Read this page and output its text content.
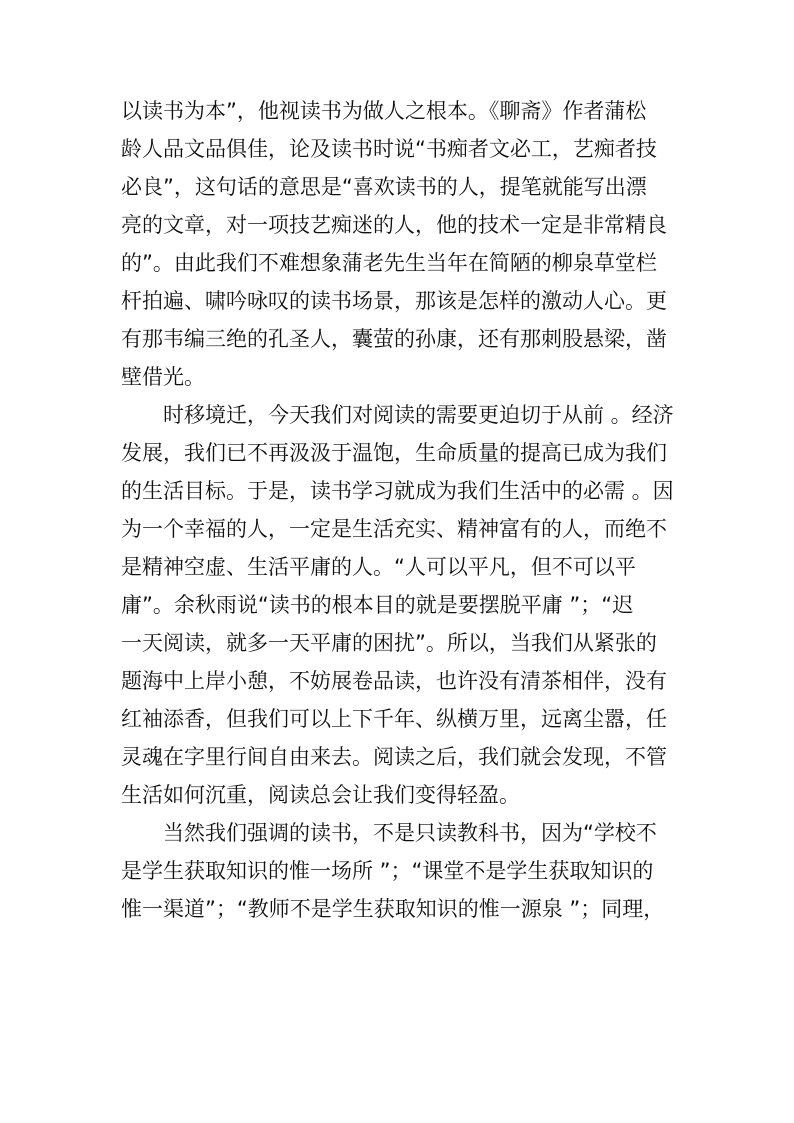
以读书为本”，他视读书为做人之根本。《聊斋》作者蒲松
龄人品文品俱佳，论及读书时说“书痴者文必工，艺痴者技
必良”，这句话的意思是“喜欢读书的人，提笔就能写出漂
亮的文章，对一项技艺痴迷的人，他的技术一定是非常精良
的”。由此我们不难想象蒲老先生当年在简陋的柳泉草堂栏
杆拍遍、啸吟咏叹的读书场景，那该是怎样的激动人心。更
有那韦编三绝的孔圣人，囊萤的孙康，还有那刺股悬梁，凿
壁借光。
时移境迁，今天我们对阅读的需要更迫切于从前 。经济
发展，我们已不再汲汲于温饱，生命质量的提高已成为我们
的生活目标。于是，读书学习就成为我们生活中的必需 。因
为一个幸福的人，一定是生活充实、精神富有的人，而绝不
是精神空虚、生活平庸的人。“人可以平凡，但不可以平
庸”。余秋雨说“读书的根本目的就是要摆脱平庸 ”；“迟
一天阅读，就多一天平庸的困扰”。所以，当我们从紧张的
题海中上岸小憩，不妨展卷品读，也许没有清茶相伴，没有
红袖添香，但我们可以上下千年、纵横万里，远离尘嚣，任
灵魂在字里行间自由来去。阅读之后，我们就会发现，不管
生活如何沉重，阅读总会让我们变得轻盈。
当然我们强调的读书，不是只读教科书，因为“学校不
是学生获取知识的惟一场所 ”；“课堂不是学生获取知识的
惟一渠道”；“教师不是学生获取知识的惟一源泉 ”；同理，
